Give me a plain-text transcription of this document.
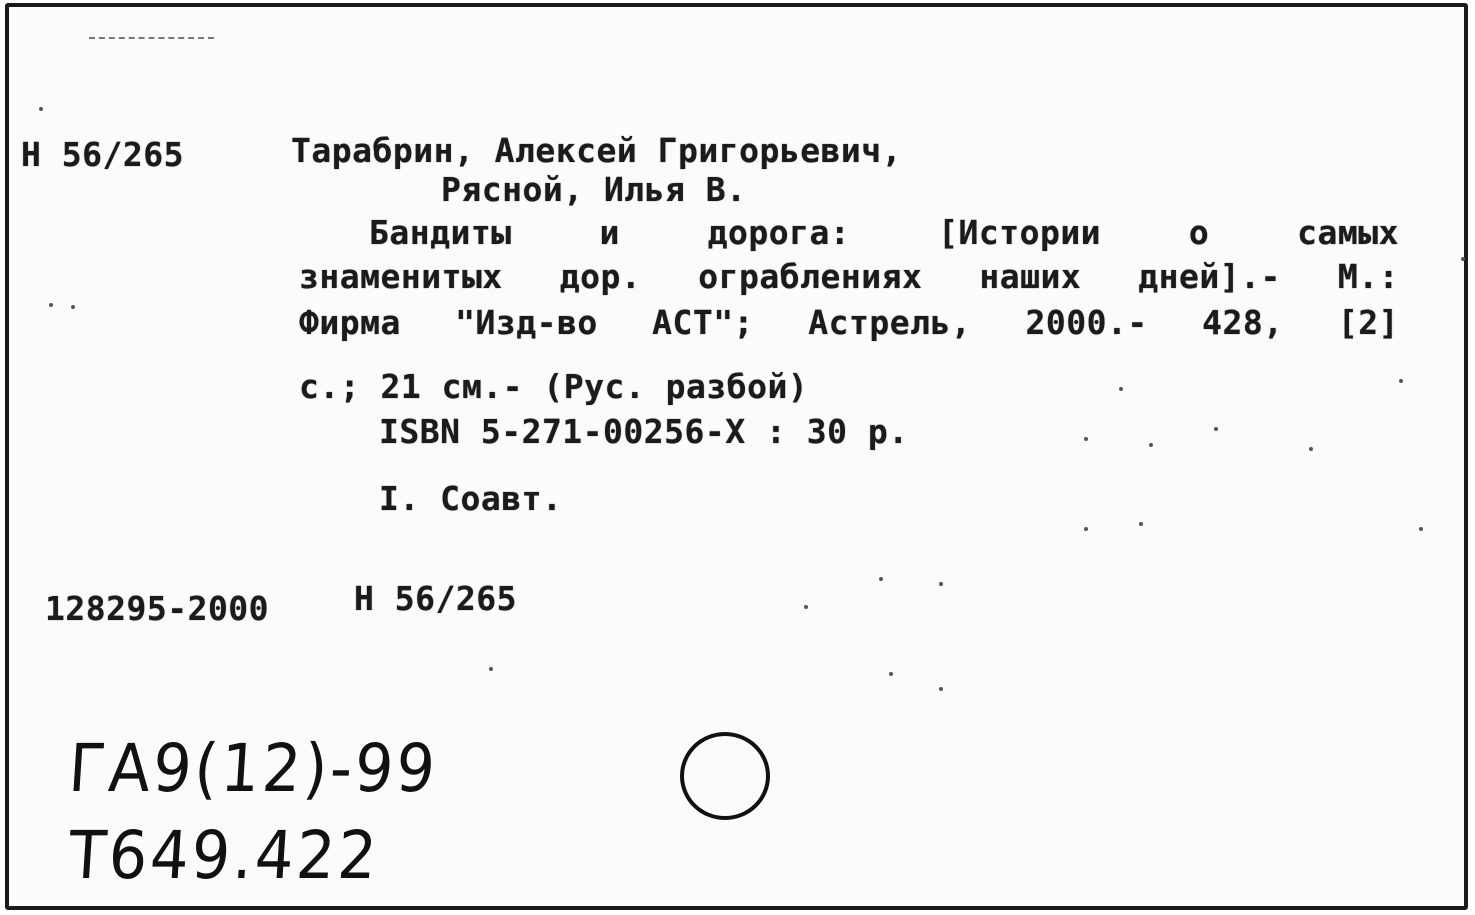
Н 56/265	Тарабрин, Алексей Григорьевич,
Рясной, Илья В.
Бандиты и дорога: [Истории о самых
знаменитых дор. ограблениях наших дней].- М.:
Фирма "Изд-во АСТ"; Астрель, 2000.- 428, [2]
с.; 21 см.- (Рус. разбой)
ISBN 5-271-00256-X : 30 р.
I. Соавт.
128295-2000	Н 56/265
ГА9(12)-99
Т649.422
